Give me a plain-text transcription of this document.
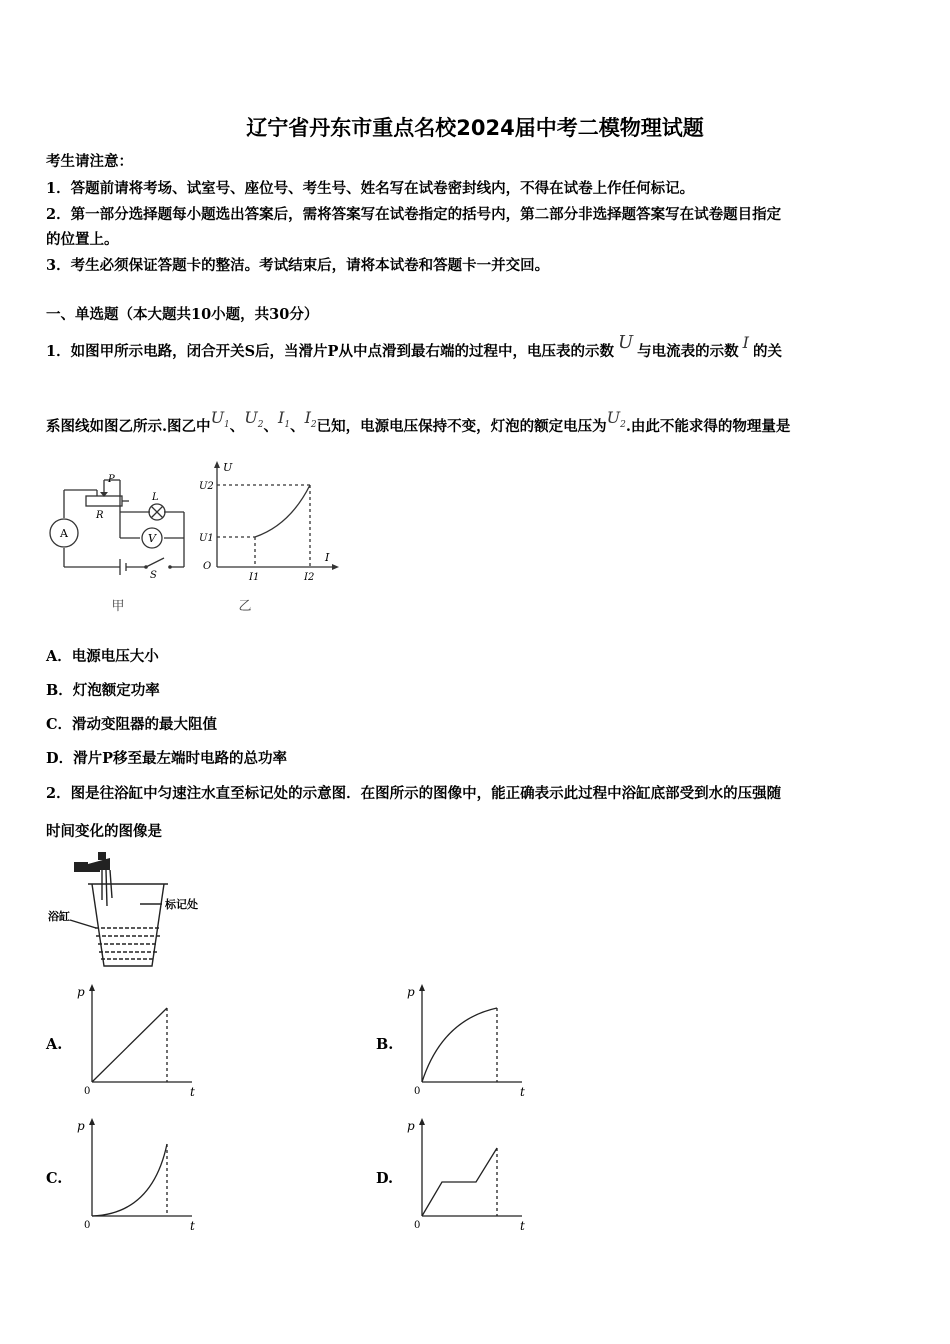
辽宁省丹东市重点名校2024届中考二模物理试题
考生请注意：
1．答题前请将考场、试室号、座位号、考生号、姓名写在试卷密封线内，不得在试卷上作任何标记。
2．第一部分选择题每小题选出答案后，需将答案写在试卷指定的括号内，第二部分非选择题答案写在试卷题目指定
的位置上。
3．考生必须保证答题卡的整洁。考试结束后，请将本试卷和答题卡一并交回。
一、单选题（本大题共10小题，共30分）
1．如图甲所示电路，闭合开关S后，当滑片P从中点滑到最右端的过程中，电压表的示数 U 与电流表的示数 I 的关
系图线如图乙所示.图乙中$U_1$、$U_2$、$I_1$、$I_2$已知，电源电压保持不变，灯泡的额定电压为$U_2$.由此不能求得的物理量是
A	V
P
R
L
S
甲
U
U2
U1
O
I1	I2
I
乙
A．电源电压大小
B．灯泡额定功率
C．滑动变阻器的最大阻值
D．滑片P移至最左端时电路的总功率
2．图是往浴缸中匀速注水直至标记处的示意图．在图所示的图像中，能正确表示此过程中浴缸底部受到水的压强随
时间变化的图像是
浴缸
标记处
A.	B.
C.	D.
p
t
0
p
t
0
p
t
0
p
t
0
